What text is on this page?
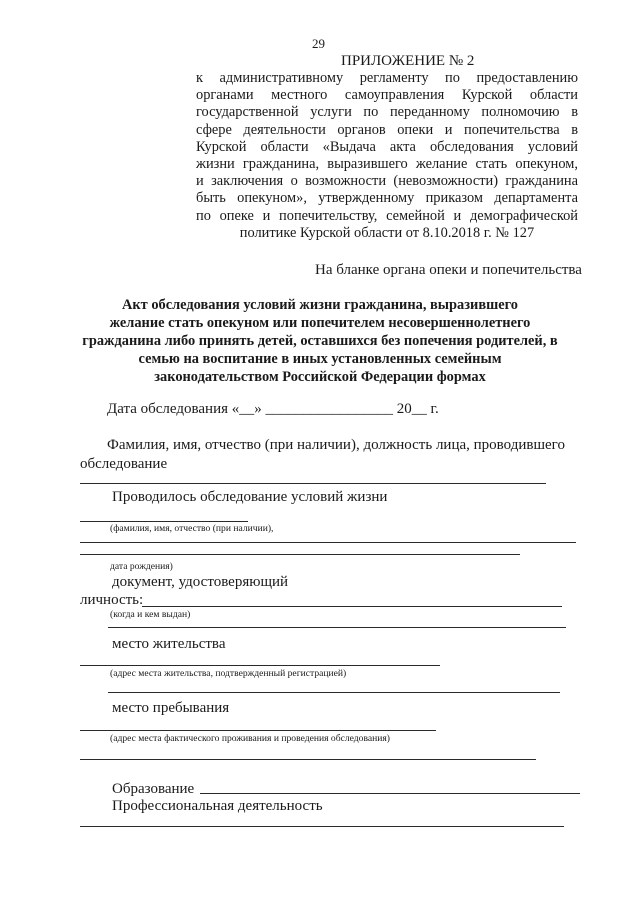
29
ПРИЛОЖЕНИЕ № 2
к административному регламенту по предоставлению
органами местного самоуправления Курской области
государственной услуги по переданному полномочию в
сфере деятельности органов опеки и попечительства в
Курской области «Выдача акта обследования условий
жизни гражданина, выразившего желание стать опекуном,
и заключения о возможности (невозможности) гражданина
быть опекуном», утвержденному приказом департамента
по опеке и попечительству, семейной и демографической
политике Курской области от 8.10.2018 г. № 127
На бланке органа опеки и попечительства
Акт обследования условий жизни гражданина, выразившего
желание стать опекуном или попечителем несовершеннолетнего
гражданина либо принять детей, оставшихся без попечения родителей, в
семью на воспитание в иных установленных семейным
законодательством Российской Федерации формах
Дата обследования «__» _________________ 20__ г.
Фамилия, имя, отчество (при наличии), должность лица, проводившего
обследование
Проводилось обследование условий жизни
(фамилия, имя, отчество (при наличии),
дата рождения)
документ, удостоверяющий
личность:
(когда и кем выдан)
место жительства
(адрес места жительства, подтвержденный регистрацией)
место пребывания
(адрес места фактического проживания и проведения обследования)
Образование
Профессиональная деятельность
